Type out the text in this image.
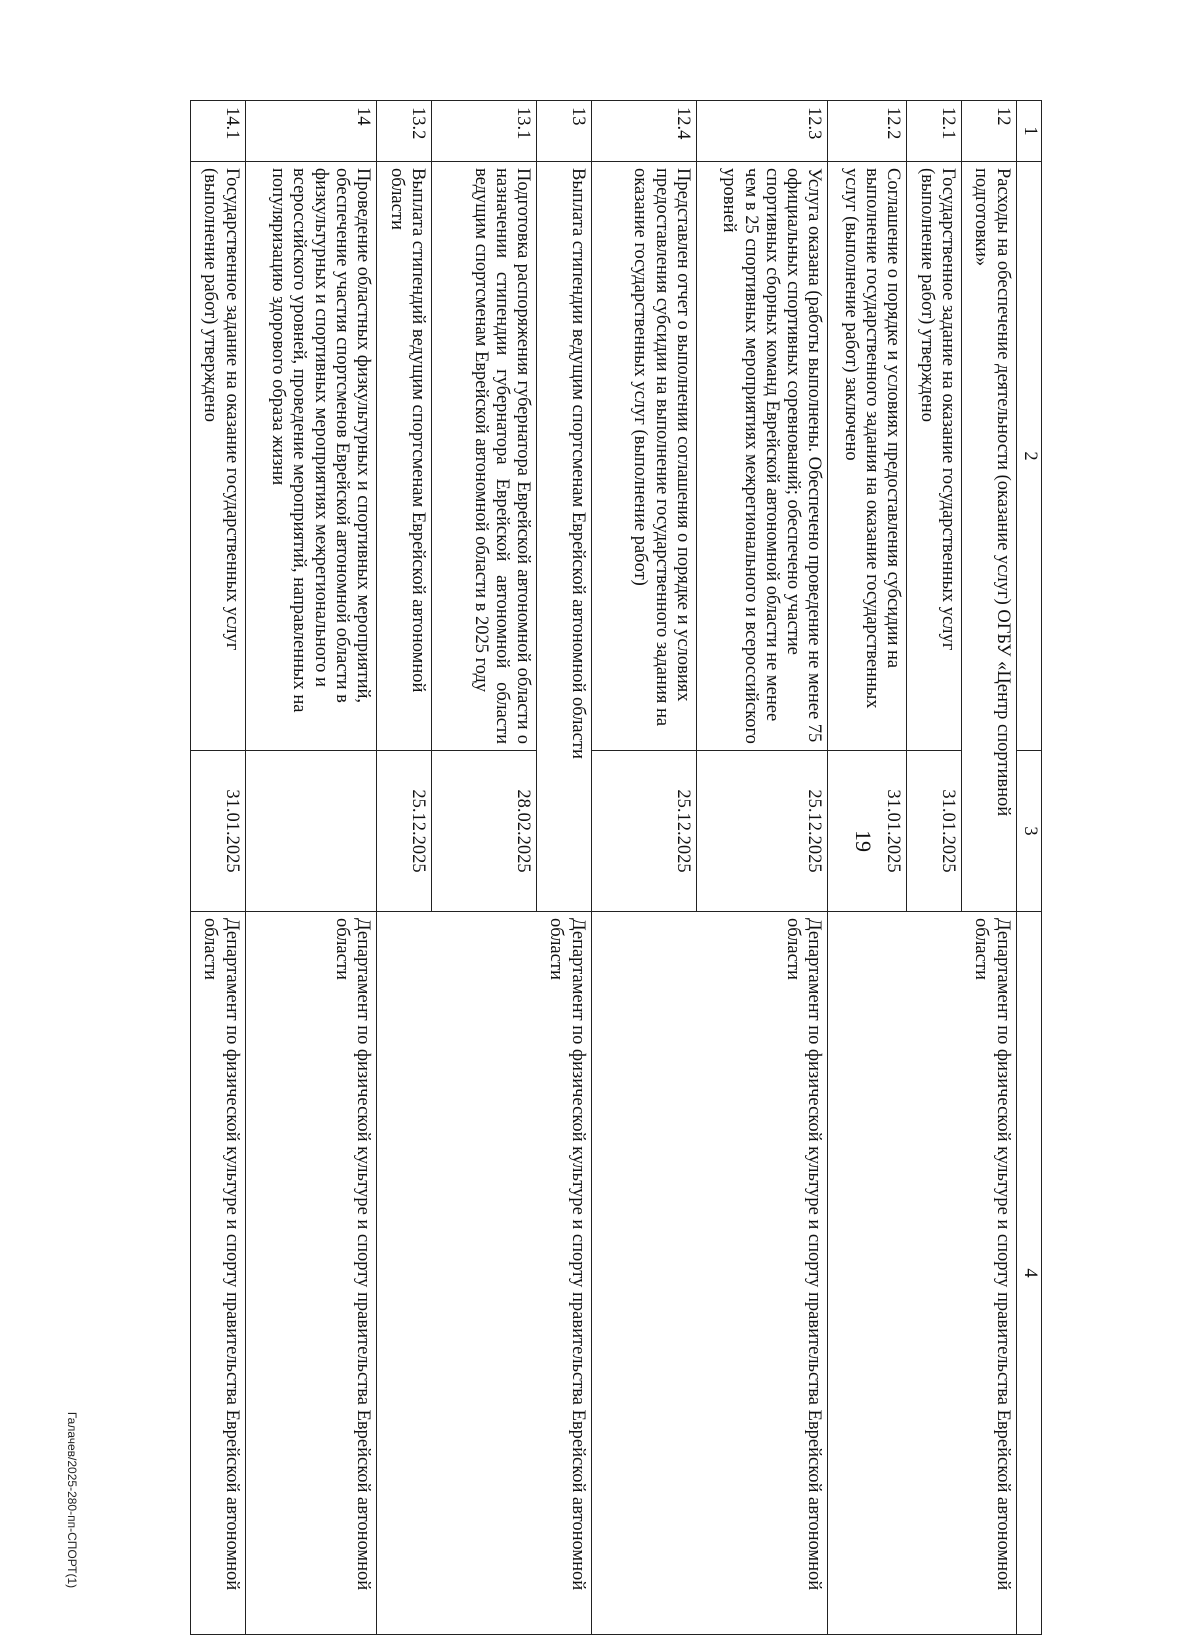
19
Галачев/2025-280-пп-СПОРТ(1)
1	2	3	4
12	Расходы на обеспечение деятельности (оказание услуг) ОГБУ «Центр спортивной подготовки»		Департамент по физической культуре и спорту правительства Еврейской автономной области
12.1	Государственное задание на оказание государственных услуг (выполнение работ) утверждено	31.01.2025	
12.2	Соглашение о порядке и условиях предоставления субсидии на выполнение государственного задания на оказание государственных услуг (выполнение работ) заключено	31.01.2025	
12.3	Услуга оказана (работы выполнены. Обеспечено проведение не менее 75 официальных спортивных соревнований; обеспечено участие спортивных сборных команд Еврейской автономной области не менее чем в 25 спортивных мероприятиях межрегионального и всероссийского уровней	25.12.2025	Департамент по физической культуре и спорту правительства Еврейской автономной области
12.4	Представлен отчет о выполнении соглашения о порядке и условиях предоставления субсидии на выполнение государственного задания на оказание государственных услуг (выполнение работ)	25.12.2025	
13	Выплата стипендии ведущим спортсменам Еврейской автономной области		Департамент по физической культуре и спорту правительства Еврейской автономной области
13.1	Подготовка распоряжения губернатора Еврейской автономной области о назначении стипендии губернатора Еврейской автономной области ведущим спортсменам Еврейской автономной области в 2025 году	28.02.2025	
13.2	Выплата стипендий ведущим спортсменам Еврейской автономной области	25.12.2025	
14	Проведение областных физкультурных и спортивных мероприятий, обеспечение участия спортсменов Еврейской автономной области в физкультурных и спортивных мероприятиях межрегионального и всероссийского уровней, проведение мероприятий, направленных на популяризацию здорового образа жизни		Департамент по физической культуре и спорту правительства Еврейской автономной области
14.1	Государственное задание на оказание государственных услуг (выполнение работ) утверждено	31.01.2025	Департамент по физической культуре и спорту правительства Еврейской автономной области
